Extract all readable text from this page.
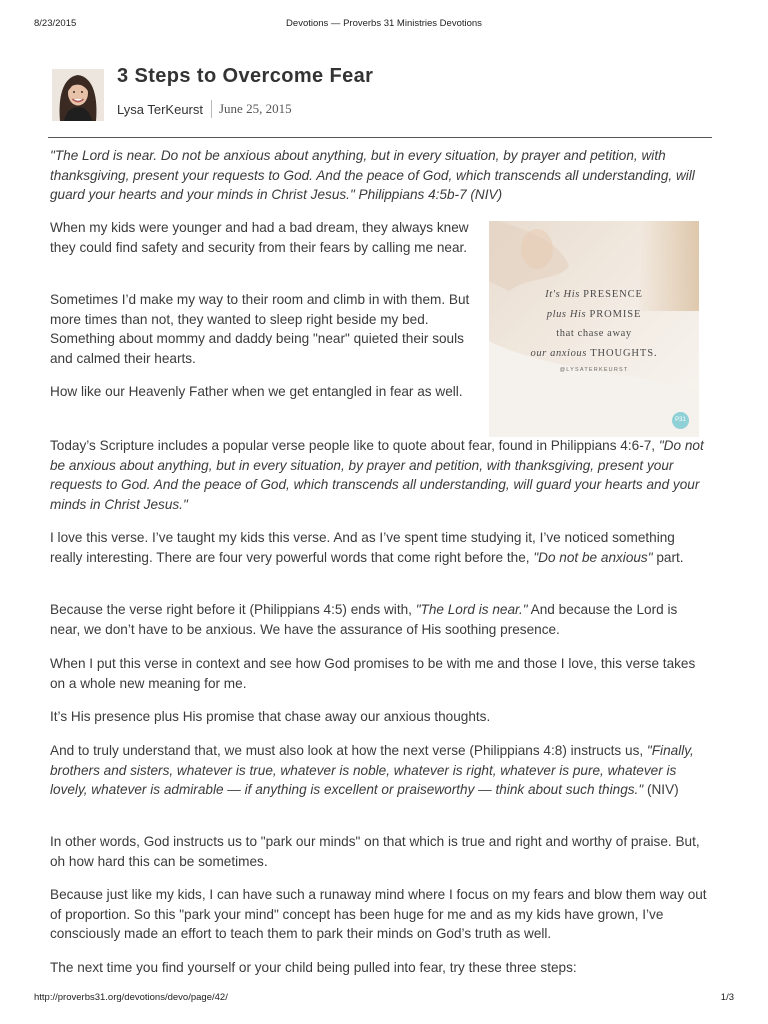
8/23/2015	Devotions — Proverbs 31 Ministries Devotions
3 Steps to Overcome Fear
Lysa TerKeurst June 25, 2015

"The Lord is near. Do not be anxious about anything, but in every situation, by prayer and petition, with thanksgiving, present your requests to God. And the peace of God, which transcends all understanding, will guard your hearts and your minds in Christ Jesus." Philippians 4:5b-7 (NIV)

When my kids were younger and had a bad dream, they always knew they could find safety and security from their fears by calling me near.

Sometimes I’d make my way to their room and climb in with them. But more times than not, they wanted to sleep right beside my bed. Something about mommy and daddy being "near" quieted their souls and calmed their hearts.

How like our Heavenly Father when we get entangled in fear as well.

It's His PRESENCE
plus His PROMISE
that chase away
our anxious THOUGHTS.
@LYSATERKEURST
P31

Today’s Scripture includes a popular verse people like to quote about fear, found in Philippians 4:6-7, "Do not be anxious about anything, but in every situation, by prayer and petition, with thanksgiving, present your requests to God. And the peace of God, which transcends all understanding, will guard your hearts and your minds in Christ Jesus."

I love this verse. I’ve taught my kids this verse. And as I’ve spent time studying it, I’ve noticed something really interesting. There are four very powerful words that come right before the, "Do not be anxious" part.

Because the verse right before it (Philippians 4:5) ends with, "The Lord is near." And because the Lord is near, we don’t have to be anxious. We have the assurance of His soothing presence.

When I put this verse in context and see how God promises to be with me and those I love, this verse takes on a whole new meaning for me.

It’s His presence plus His promise that chase away our anxious thoughts.

And to truly understand that, we must also look at how the next verse (Philippians 4:8) instructs us, "Finally, brothers and sisters, whatever is true, whatever is noble, whatever is right, whatever is pure, whatever is lovely, whatever is admirable — if anything is excellent or praiseworthy — think about such things." (NIV)

In other words, God instructs us to "park our minds" on that which is true and right and worthy of praise. But, oh how hard this can be sometimes.

Because just like my kids, I can have such a runaway mind where I focus on my fears and blow them way out of proportion. So this "park your mind" concept has been huge for me and as my kids have grown, I’ve consciously made an effort to teach them to park their minds on God’s truth as well.

The next time you find yourself or your child being pulled into fear, try these three steps:

http://proverbs31.org/devotions/devo/page/42/	1/3
